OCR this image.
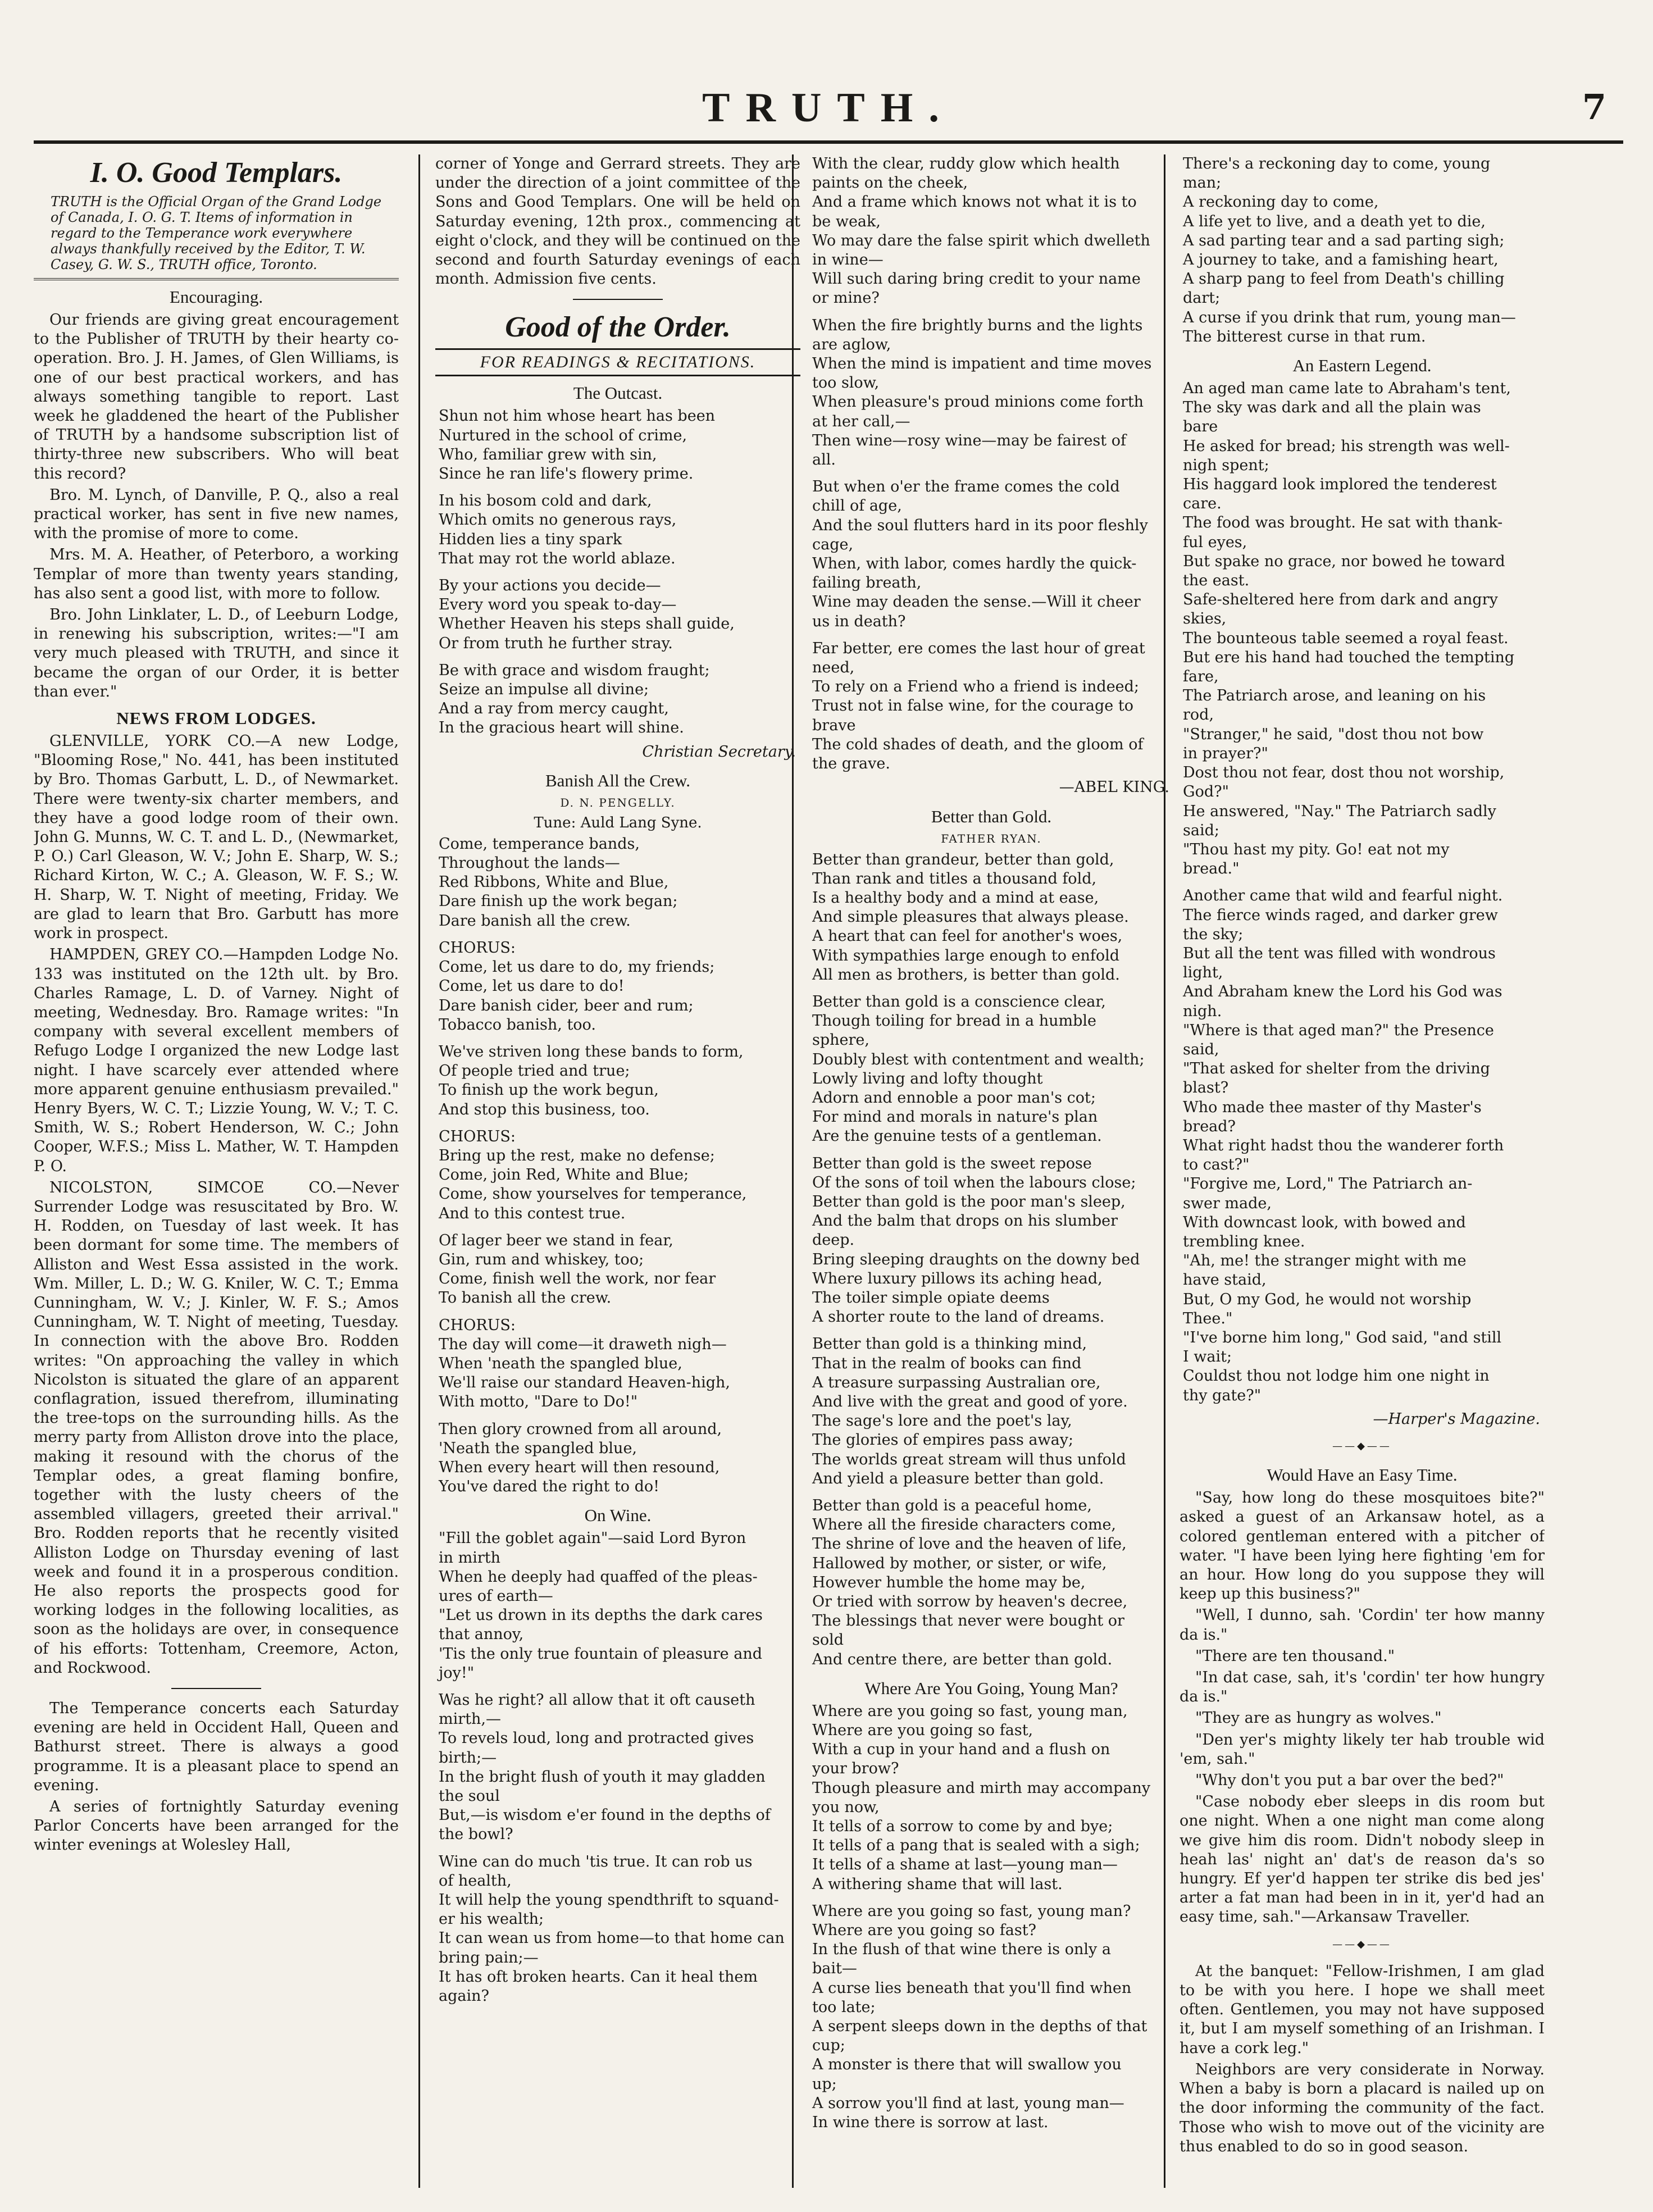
TRUTH.	7
I. O. Good Templars.
TRUTH is the Official Organ of the Grand Lodge of Canada, I. O. G. T. Items of information in regard to the Temperance work everywhere always thankfully received by the Editor, T. W. Casey, G. W. S., TRUTH office, Toronto.
Encouraging.

Our friends are giving great encouragement to the Publisher of TRUTH by their hearty co-operation. Bro. J. H. James, of Glen Williams, is one of our best practical workers, and has always something tangible to report. Last week he gladdened the heart of the Publisher of TRUTH by a handsome subscription list of thirty-three new subscribers. Who will beat this record?

Bro. M. Lynch, of Danville, P. Q., also a real practical worker, has sent in five new names, with the promise of more to come.

Mrs. M. A. Heather, of Peterboro, a working Templar of more than twenty years standing, has also sent a good list, with more to follow.

Bro. John Linklater, L. D., of Leeburn Lodge, in renewing his subscription, writes:—"I am very much pleased with TRUTH, and since it became the organ of our Order, it is better than ever."

NEWS FROM LODGES.

GLENVILLE, YORK CO.—A new Lodge, "Blooming Rose," No. 441, has been instituted by Bro. Thomas Garbutt, L. D., of Newmarket. There were twenty-six charter members, and they have a good lodge room of their own. John G. Munns, W. C. T. and L. D., (Newmarket, P. O.) Carl Gleason, W. V.; John E. Sharp, W. S.; Richard Kirton, W. C.; A. Gleason, W. F. S.; W. H. Sharp, W. T. Night of meeting, Friday. We are glad to learn that Bro. Garbutt has more work in prospect.

HAMPDEN, GREY CO.—Hampden Lodge No. 133 was instituted on the 12th ult. by Bro. Charles Ramage, L. D. of Varney. Night of meeting, Wednesday. Bro. Ramage writes: "In company with several excellent members of Refugo Lodge I organized the new Lodge last night. I have scarcely ever attended where more apparent genuine enthusiasm prevailed." Henry Byers, W. C. T.; Lizzie Young, W. V.; T. C. Smith, W. S.; Robert Henderson, W. C.; John Cooper, W.F.S.; Miss L. Mather, W. T. Hampden P. O.

NICOLSTON, SIMCOE CO.—Never Surrender Lodge was resuscitated by Bro. W. H. Rodden, on Tuesday of last week. It has been dormant for some time. The members of Alliston and West Essa assisted in the work. Wm. Miller, L. D.; W. G. Kniler, W. C. T.; Emma Cunningham, W. V.; J. Kinler, W. F. S.; Amos Cunningham, W. T. Night of meeting, Tuesday. In connection with the above Bro. Rodden writes: "On approaching the valley in which Nicolston is situated the glare of an apparent conflagration, issued therefrom, illuminating the tree-tops on the surrounding hills. As the merry party from Alliston drove into the place, making it resound with the chorus of the Templar odes, a great flaming bonfire, together with the lusty cheers of the assembled villagers, greeted their arrival." Bro. Rodden reports that he recently visited Alliston Lodge on Thursday evening of last week and found it in a prosperous condition. He also reports the prospects good for working lodges in the following localities, as soon as the holidays are over, in consequence of his efforts: Tottenham, Creemore, Acton, and Rockwood.

The Temperance concerts each Saturday evening are held in Occident Hall, Queen and Bathurst street. There is always a good programme. It is a pleasant place to spend an evening.

A series of fortnightly Saturday evening Parlor Concerts have been arranged for the winter evenings at Wolesley Hall,

corner of Yonge and Gerrard streets. They are under the direction of a joint committee of the Sons and Good Templars. One will be held on Saturday evening, 12th prox., commencing at eight o'clock, and they will be continued on the second and fourth Saturday evenings of each month. Admission five cents.

Good of the Order.
FOR READINGS & RECITATIONS.
The Outcast.
Shun not him whose heart has been
Nurtured in the school of crime,
Who, familiar grew with sin,
Since he ran life's flowery prime.
In his bosom cold and dark,
Which omits no generous rays,
Hidden lies a tiny spark
That may rot the world ablaze.
By your actions you decide—
Every word you speak to-day—
Whether Heaven his steps shall guide,
Or from truth he further stray.
Be with grace and wisdom fraught;
Seize an impulse all divine;
And a ray from mercy caught,
In the gracious heart will shine.
Christian Secretary.
Banish All the Crew.
D. N. PENGELLY.
Tune: Auld Lang Syne.
Come, temperance bands,
Throughout the lands—
Red Ribbons, White and Blue,
Dare finish up the work began;
Dare banish all the crew.
CHORUS:
Come, let us dare to do, my friends;
Come, let us dare to do!
Dare banish cider, beer and rum;
Tobacco banish, too.
We've striven long these bands to form,
Of people tried and true;
To finish up the work begun,
And stop this business, too.
CHORUS:
Bring up the rest, make no defense;
Come, join Red, White and Blue;
Come, show yourselves for temperance,
And to this contest true.
Of lager beer we stand in fear,
Gin, rum and whiskey, too;
Come, finish well the work, nor fear
To banish all the crew.
CHORUS:
The day will come—it draweth nigh—
When 'neath the spangled blue,
We'll raise our standard Heaven-high,
With motto, "Dare to Do!"
Then glory crowned from all around,
'Neath the spangled blue,
When every heart will then resound,
You've dared the right to do!
On Wine.
"Fill the goblet again"—said Lord Byron
in mirth
When he deeply had quaffed of the pleas-
ures of earth—
"Let us drown in its depths the dark cares
that annoy,
'Tis the only true fountain of pleasure and
joy!"
Was he right? all allow that it oft causeth
mirth,—
To revels loud, long and protracted gives
birth;—
In the bright flush of youth it may gladden
the soul
But,—is wisdom e'er found in the depths of
the bowl?
Wine can do much 'tis true. It can rob us
of health,
It will help the young spendthrift to squand-
er his wealth;
It can wean us from home—to that home can
bring pain;—
It has oft broken hearts. Can it heal them
again?
With the clear, ruddy glow which health
paints on the cheek,
And a frame which knows not what it is to
be weak,
Wo may dare the false spirit which dwelleth
in wine—
Will such daring bring credit to your name
or mine?
When the fire brightly burns and the lights
are aglow,
When the mind is impatient and time moves
too slow,
When pleasure's proud minions come forth
at her call,—
Then wine—rosy wine—may be fairest of
all.
But when o'er the frame comes the cold
chill of age,
And the soul flutters hard in its poor fleshly
cage,
When, with labor, comes hardly the quick-
failing breath,
Wine may deaden the sense.—Will it cheer
us in death?
Far better, ere comes the last hour of great
need,
To rely on a Friend who a friend is indeed;
Trust not in false wine, for the courage to
brave
The cold shades of death, and the gloom of
the grave.
—ABEL KING.
Better than Gold.
FATHER RYAN.
Better than grandeur, better than gold,
Than rank and titles a thousand fold,
Is a healthy body and a mind at ease,
And simple pleasures that always please.
A heart that can feel for another's woes,
With sympathies large enough to enfold
All men as brothers, is better than gold.
Better than gold is a conscience clear,
Though toiling for bread in a humble
sphere,
Doubly blest with contentment and wealth;
Lowly living and lofty thought
Adorn and ennoble a poor man's cot;
For mind and morals in nature's plan
Are the genuine tests of a gentleman.
Better than gold is the sweet repose
Of the sons of toil when the labours close;
Better than gold is the poor man's sleep,
And the balm that drops on his slumber
deep.
Bring sleeping draughts on the downy bed
Where luxury pillows its aching head,
The toiler simple opiate deems
A shorter route to the land of dreams.
Better than gold is a thinking mind,
That in the realm of books can find
A treasure surpassing Australian ore,
And live with the great and good of yore.
The sage's lore and the poet's lay,
The glories of empires pass away;
The worlds great stream will thus unfold
And yield a pleasure better than gold.
Better than gold is a peaceful home,
Where all the fireside characters come,
The shrine of love and the heaven of life,
Hallowed by mother, or sister, or wife,
However humble the home may be,
Or tried with sorrow by heaven's decree,
The blessings that never were bought or
sold
And centre there, are better than gold.
Where Are You Going, Young Man?
Where are you going so fast, young man,
Where are you going so fast,
With a cup in your hand and a flush on
your brow?
Though pleasure and mirth may accompany
you now,
It tells of a sorrow to come by and bye;
It tells of a pang that is sealed with a sigh;
It tells of a shame at last—young man—
A withering shame that will last.
Where are you going so fast, young man?
Where are you going so fast?
In the flush of that wine there is only a
bait—
A curse lies beneath that you'll find when
too late;
A serpent sleeps down in the depths of that
cup;
A monster is there that will swallow you
up;
A sorrow you'll find at last, young man—
In wine there is sorrow at last.
There's a reckoning day to come, young
man;
A reckoning day to come,
A life yet to live, and a death yet to die,
A sad parting tear and a sad parting sigh;
A journey to take, and a famishing heart,
A sharp pang to feel from Death's chilling
dart;
A curse if you drink that rum, young man—
The bitterest curse in that rum.
An Eastern Legend.
An aged man came late to Abraham's tent,
The sky was dark and all the plain was
bare
He asked for bread; his strength was well-
nigh spent;
His haggard look implored the tenderest
care.
The food was brought. He sat with thank-
ful eyes,
But spake no grace, nor bowed he toward
the east.
Safe-sheltered here from dark and angry
skies,
The bounteous table seemed a royal feast.
But ere his hand had touched the tempting
fare,
The Patriarch arose, and leaning on his
rod,
"Stranger," he said, "dost thou not bow
in prayer?"
Dost thou not fear, dost thou not worship,
God?"
He answered, "Nay." The Patriarch sadly
said;
"Thou hast my pity. Go! eat not my
bread."
Another came that wild and fearful night.
The fierce winds raged, and darker grew
the sky;
But all the tent was filled with wondrous
light,
And Abraham knew the Lord his God was
nigh.
"Where is that aged man?" the Presence
said,
"That asked for shelter from the driving
blast?
Who made thee master of thy Master's
bread?
What right hadst thou the wanderer forth
to cast?"
"Forgive me, Lord," The Patriarch an-
swer made,
With downcast look, with bowed and
trembling knee.
"Ah, me! the stranger might with me
have staid,
But, O my God, he would not worship
Thee."
"I've borne him long," God said, "and still
I wait;
Couldst thou not lodge him one night in
thy gate?"
—Harper's Magazine.
——◆——
Would Have an Easy Time.

"Say, how long do these mosquitoes bite?" asked a guest of an Arkansaw hotel, as a colored gentleman entered with a pitcher of water. "I have been lying here fighting 'em for an hour. How long do you suppose they will keep up this business?"

"Well, I dunno, sah. 'Cordin' ter how manny da is."

"There are ten thousand."

"In dat case, sah, it's 'cordin' ter how hungry da is."

"They are as hungry as wolves."

"Den yer's mighty likely ter hab trouble wid 'em, sah."

"Why don't you put a bar over the bed?"

"Case nobody eber sleeps in dis room but one night. When a one night man come along we give him dis room. Didn't nobody sleep in heah las' night an' dat's de reason da's so hungry. Ef yer'd happen ter strike dis bed jes' arter a fat man had been in in it, yer'd had an easy time, sah."—Arkansaw Traveller.

——◆——

At the banquet: "Fellow-Irishmen, I am glad to be with you here. I hope we shall meet often. Gentlemen, you may not have supposed it, but I am myself something of an Irishman. I have a cork leg."

Neighbors are very considerate in Norway. When a baby is born a placard is nailed up on the door informing the community of the fact. Those who wish to move out of the vicinity are thus enabled to do so in good season.
